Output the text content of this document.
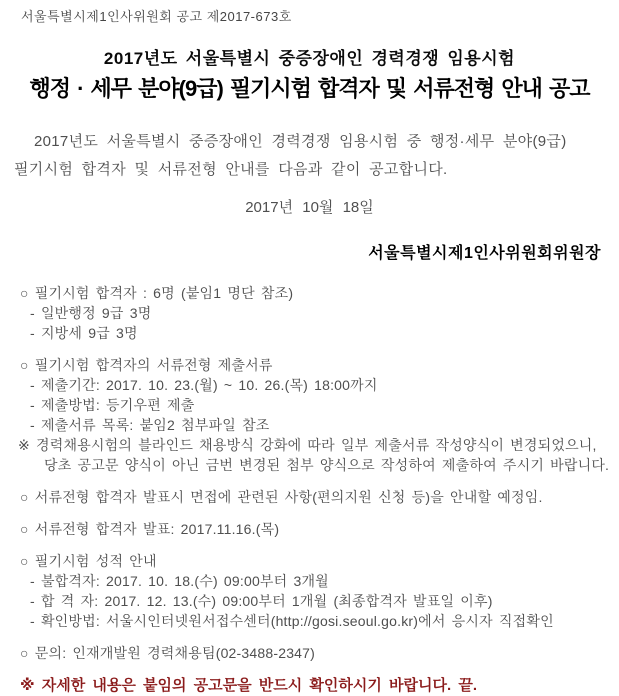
서울특별시제1인사위원회 공고 제2017-673호
2017년도 서울특별시 중증장애인 경력경쟁 임용시험
행정 · 세무 분야(9급) 필기시험 합격자 및 서류전형 안내 공고
2017년도 서울특별시 중증장애인 경력경쟁 임용시험 중 행정·세무 분야(9급)
필기시험 합격자 및 서류전형 안내를 다음과 같이 공고합니다.
2017년 10월 18일
서울특별시제1인사위원회위원장
○ 필기시험 합격자 : 6명 (붙임1 명단 참조)
- 일반행정 9급 3명
- 지방세 9급 3명
○ 필기시험 합격자의 서류전형 제출서류
- 제출기간: 2017. 10. 23.(월) ~ 10. 26.(목) 18:00까지
- 제출방법: 등기우편 제출
- 제출서류 목록: 붙임2 첨부파일 참조
※ 경력채용시험의 블라인드 채용방식 강화에 따라 일부 제출서류 작성양식이 변경되었으니,
당초 공고문 양식이 아닌 금번 변경된 첨부 양식으로 작성하여 제출하여 주시기 바랍니다.
○ 서류전형 합격자 발표시 면접에 관련된 사항(편의지원 신청 등)을 안내할 예정임.
○ 서류전형 합격자 발표: 2017.11.16.(목)
○ 필기시험 성적 안내
- 불합격자: 2017. 10. 18.(수) 09:00부터 3개월
- 합 격 자: 2017. 12. 13.(수) 09:00부터 1개월 (최종합격자 발표일 이후)
- 확인방법: 서울시인터넷원서접수센터(http://gosi.seoul.go.kr)에서 응시자 직접확인
○ 문의: 인재개발원 경력채용팀(02-3488-2347)
※ 자세한 내용은 붙임의 공고문을 반드시 확인하시기 바랍니다. 끝.
